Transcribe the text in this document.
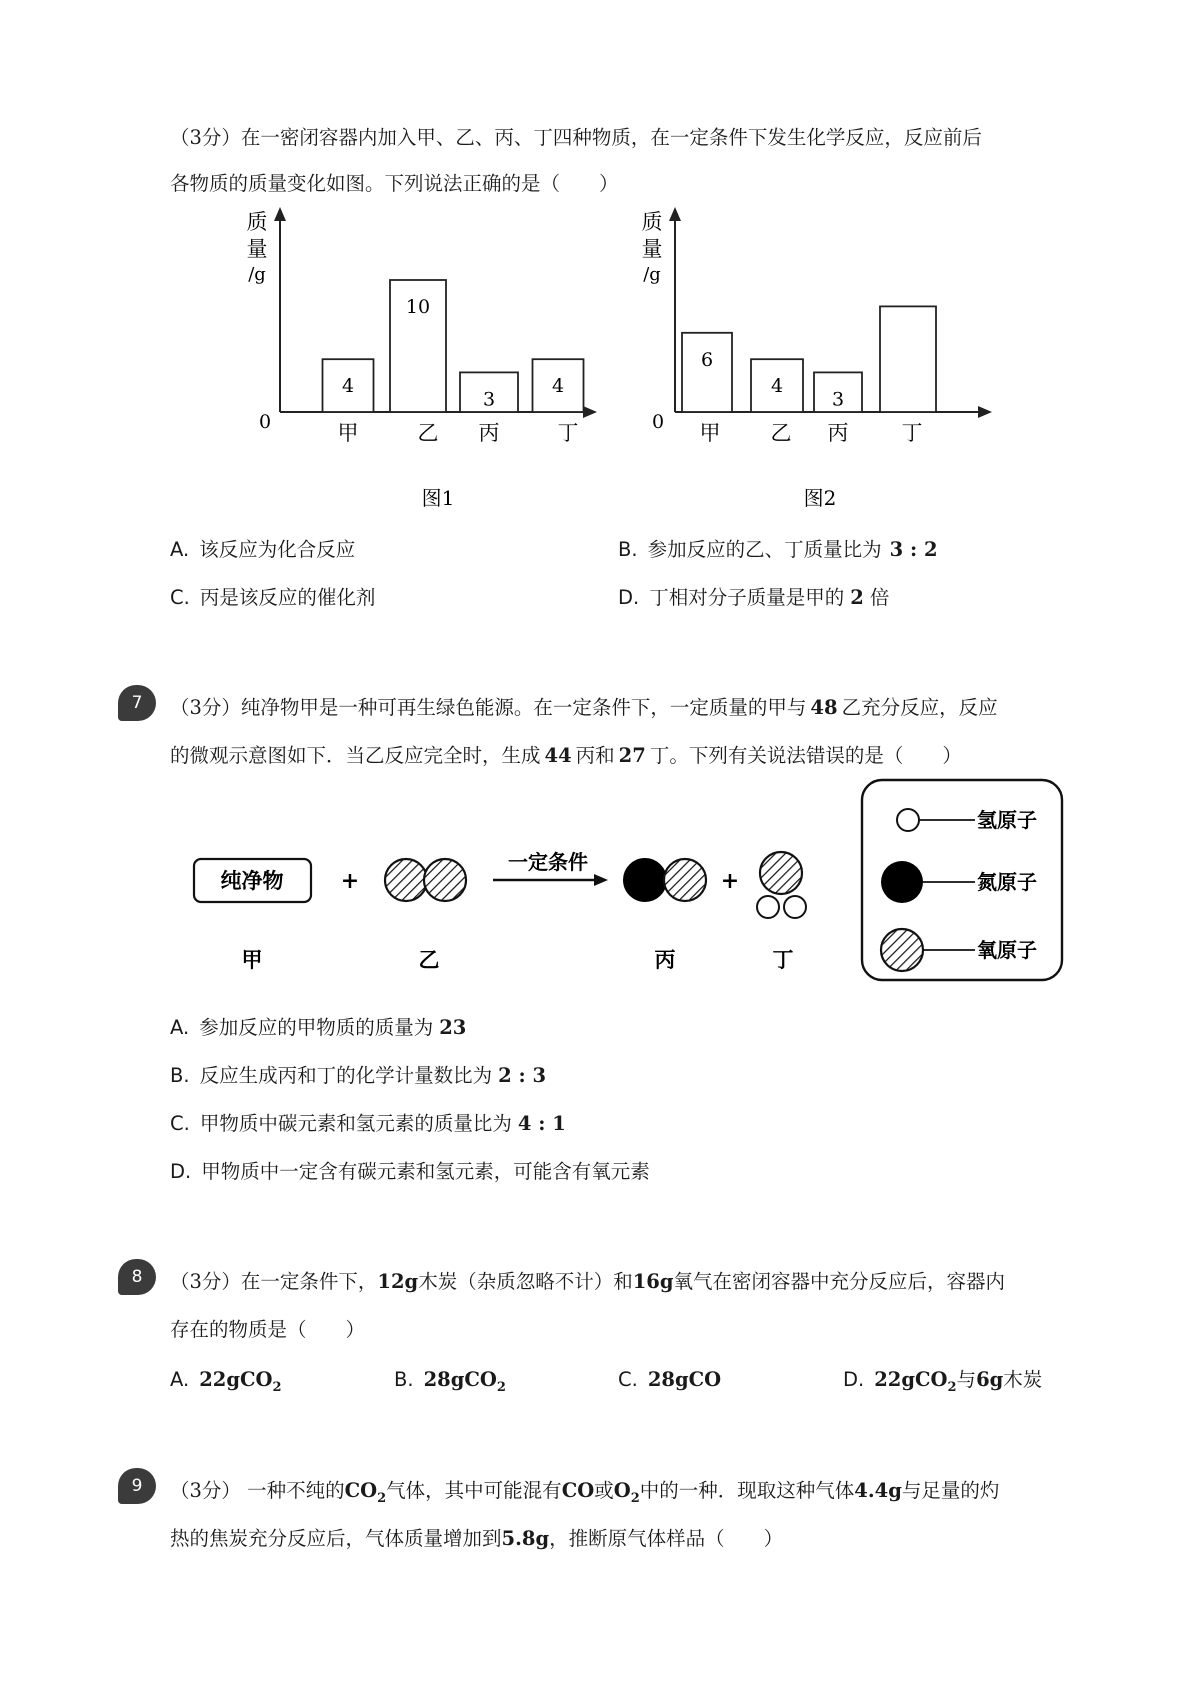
（3分）在一密闭容器内加入甲、乙、丙、丁四种物质，在一定条件下发生化学反应，反应前后
各物质的质量变化如图。下列说法正确的是（　　）
质
量
/g
0
4
甲
10
乙
3
丙
4
丁
图1
质
量
/g
0
6
甲
4
乙
3
丙	丁
图2
A. 该反应为化合反应	B. 参加反应的乙、丁质量比为 3 : 2
C. 丙是该反应的催化剂	D. 丁相对分子质量是甲的 2 倍
7	（3分）纯净物甲是一种可再生绿色能源。在一定条件下，一定质量的甲与 48 乙充分反应，反应
的微观示意图如下．当乙反应完全时，生成 44 丙和 27 丁。下列有关说法错误的是（　　）
纯净物	+
一定条件
+
甲	乙	丙	丁
氢原子
氮原子
氧原子
A. 参加反应的甲物质的质量为 23
B. 反应生成丙和丁的化学计量数比为 2 : 3
C. 甲物质中碳元素和氢元素的质量比为 4 : 1
D. 甲物质中一定含有碳元素和氢元素，可能含有氧元素
8	（3分）在一定条件下，12g木炭（杂质忽略不计）和16g氧气在密闭容器中充分反应后，容器内
存在的物质是（　　）
A. 22gCO$_2$	B. 28gCO$_2$	C. 28gCO	D. 22gCO$_2$与6g木炭
9	（3分） 一种不纯的$CO_2$气体，其中可能混有CO或$O_2$中的一种．现取这种气体4.4g与足量的灼
热的焦炭充分反应后，气体质量增加到5.8g，推断原气体样品（　　）
